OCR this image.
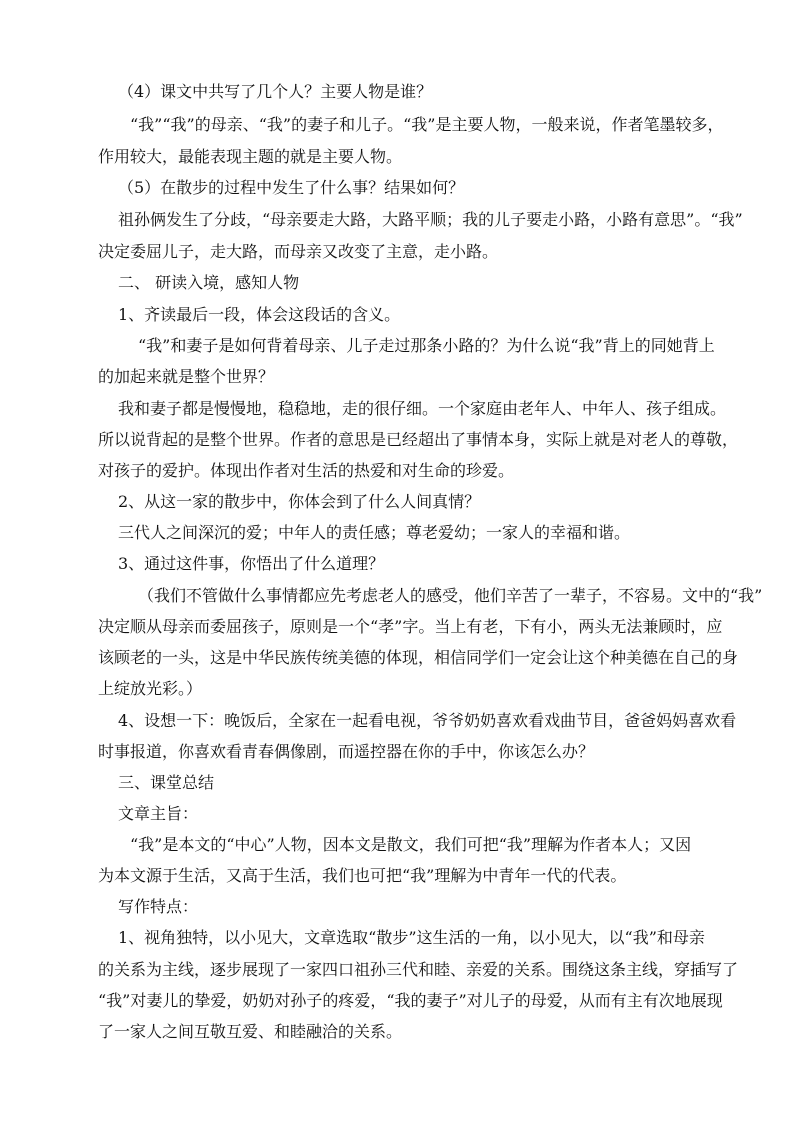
（4）课文中共写了几个人？主要人物是谁？
“我”“我”的母亲、“我”的妻子和儿子。“我”是主要人物，一般来说，作者笔墨较多，
作用较大，最能表现主题的就是主要人物。
（5）在散步的过程中发生了什么事？结果如何？
祖孙俩发生了分歧，“母亲要走大路，大路平顺；我的儿子要走小路，小路有意思”。“我”
决定委屈儿子，走大路，而母亲又改变了主意，走小路。
二、 研读入境，感知人物
1、齐读最后一段，体会这段话的含义。
“我”和妻子是如何背着母亲、儿子走过那条小路的？为什么说“我”背上的同她背上
的加起来就是整个世界？
我和妻子都是慢慢地，稳稳地，走的很仔细。一个家庭由老年人、中年人、孩子组成。
所以说背起的是整个世界。作者的意思是已经超出了事情本身，实际上就是对老人的尊敬，
对孩子的爱护。体现出作者对生活的热爱和对生命的珍爱。
2、从这一家的散步中，你体会到了什么人间真情？
三代人之间深沉的爱；中年人的责任感；尊老爱幼；一家人的幸福和谐。
3、通过这件事，你悟出了什么道理？
（我们不管做什么事情都应先考虑老人的感受，他们辛苦了一辈子，不容易。文中的“我”
决定顺从母亲而委屈孩子，原则是一个“孝”字。当上有老，下有小，两头无法兼顾时，应
该顾老的一头，这是中华民族传统美德的体现，相信同学们一定会让这个种美德在自己的身
上绽放光彩。）
4、设想一下：晚饭后，全家在一起看电视，爷爷奶奶喜欢看戏曲节目，爸爸妈妈喜欢看
时事报道，你喜欢看青春偶像剧，而遥控器在你的手中，你该怎么办？
三、课堂总结
文章主旨：
“我”是本文的“中心”人物，因本文是散文，我们可把“我”理解为作者本人；又因
为本文源于生活，又高于生活，我们也可把“我”理解为中青年一代的代表。
写作特点：
1、视角独特，以小见大，文章选取“散步”这生活的一角，以小见大，以“我”和母亲
的关系为主线，逐步展现了一家四口祖孙三代和睦、亲爱的关系。围绕这条主线，穿插写了
“我”对妻儿的挚爱，奶奶对孙子的疼爱，“我的妻子”对儿子的母爱，从而有主有次地展现
了一家人之间互敬互爱、和睦融洽的关系。
